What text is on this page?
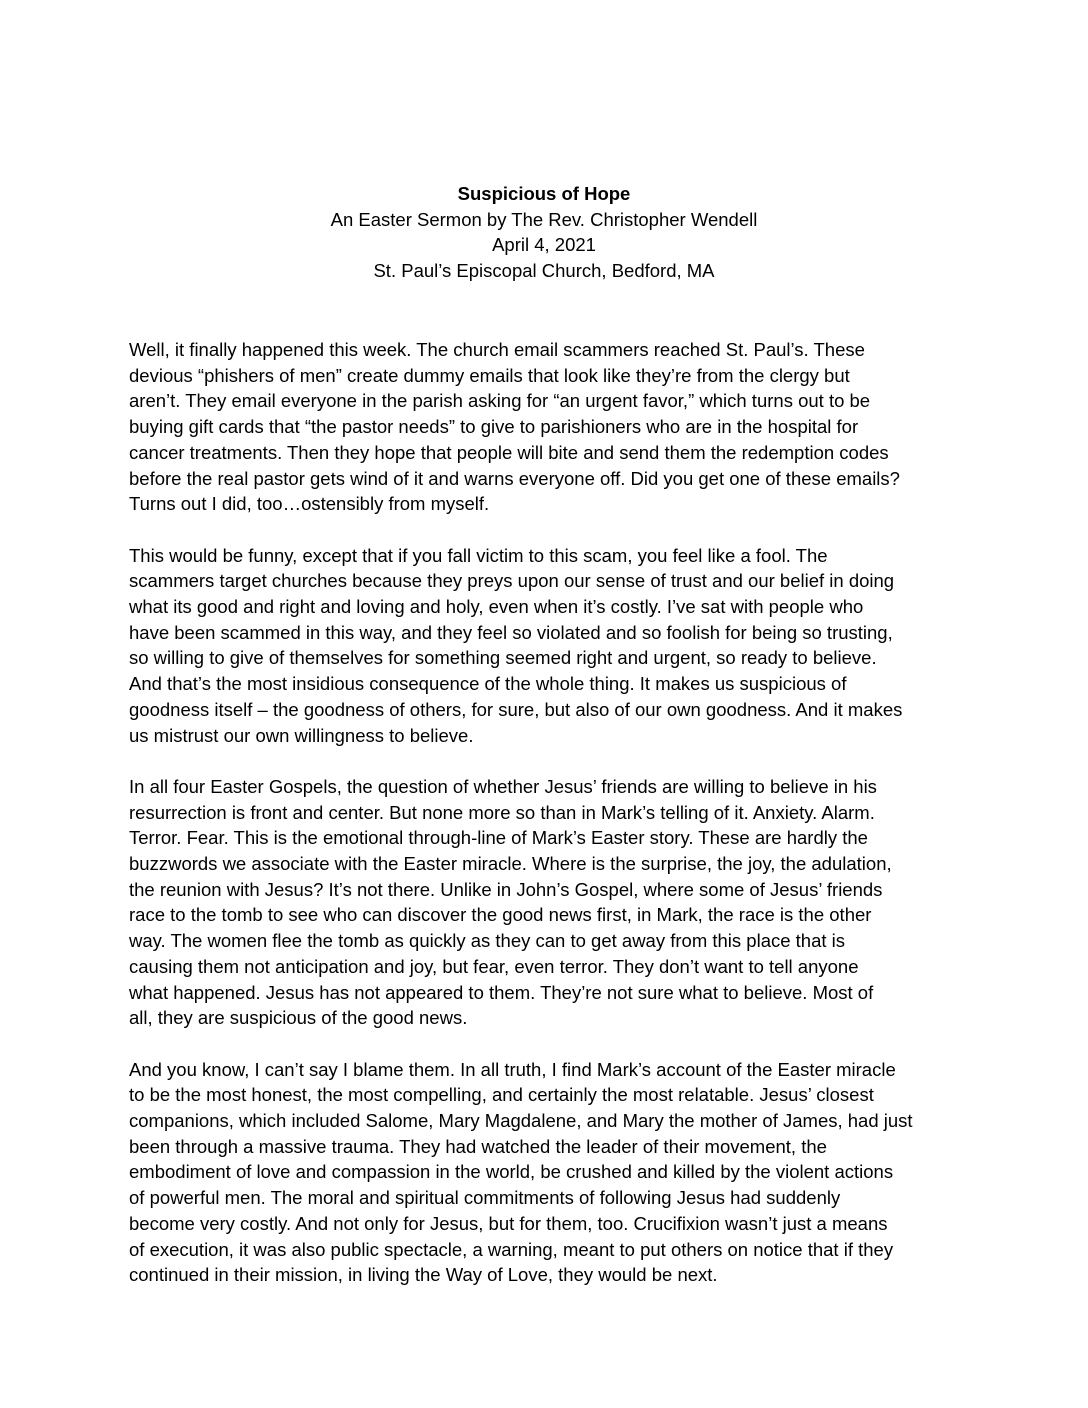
Suspicious of Hope
An Easter Sermon by The Rev. Christopher Wendell
April 4, 2021
St. Paul’s Episcopal Church, Bedford, MA

Well, it finally happened this week. The church email scammers reached St. Paul’s. These
devious “phishers of men” create dummy emails that look like they’re from the clergy but
aren’t. They email everyone in the parish asking for “an urgent favor,” which turns out to be
buying gift cards that “the pastor needs” to give to parishioners who are in the hospital for
cancer treatments. Then they hope that people will bite and send them the redemption codes
before the real pastor gets wind of it and warns everyone off. Did you get one of these emails?
Turns out I did, too…ostensibly from myself.

This would be funny, except that if you fall victim to this scam, you feel like a fool. The
scammers target churches because they preys upon our sense of trust and our belief in doing
what its good and right and loving and holy, even when it’s costly. I’ve sat with people who
have been scammed in this way, and they feel so violated and so foolish for being so trusting,
so willing to give of themselves for something seemed right and urgent, so ready to believe.
And that’s the most insidious consequence of the whole thing. It makes us suspicious of
goodness itself – the goodness of others, for sure, but also of our own goodness. And it makes
us mistrust our own willingness to believe.

In all four Easter Gospels, the question of whether Jesus’ friends are willing to believe in his
resurrection is front and center. But none more so than in Mark’s telling of it. Anxiety. Alarm.
Terror. Fear. This is the emotional through-line of Mark’s Easter story. These are hardly the
buzzwords we associate with the Easter miracle. Where is the surprise, the joy, the adulation,
the reunion with Jesus? It’s not there. Unlike in John’s Gospel, where some of Jesus’ friends
race to the tomb to see who can discover the good news first, in Mark, the race is the other
way. The women flee the tomb as quickly as they can to get away from this place that is
causing them not anticipation and joy, but fear, even terror. They don’t want to tell anyone
what happened. Jesus has not appeared to them. They’re not sure what to believe. Most of
all, they are suspicious of the good news.

And you know, I can’t say I blame them. In all truth, I find Mark’s account of the Easter miracle
to be the most honest, the most compelling, and certainly the most relatable. Jesus’ closest
companions, which included Salome, Mary Magdalene, and Mary the mother of James, had just
been through a massive trauma. They had watched the leader of their movement, the
embodiment of love and compassion in the world, be crushed and killed by the violent actions
of powerful men. The moral and spiritual commitments of following Jesus had suddenly
become very costly. And not only for Jesus, but for them, too. Crucifixion wasn’t just a means
of execution, it was also public spectacle, a warning, meant to put others on notice that if they
continued in their mission, in living the Way of Love, they would be next.
